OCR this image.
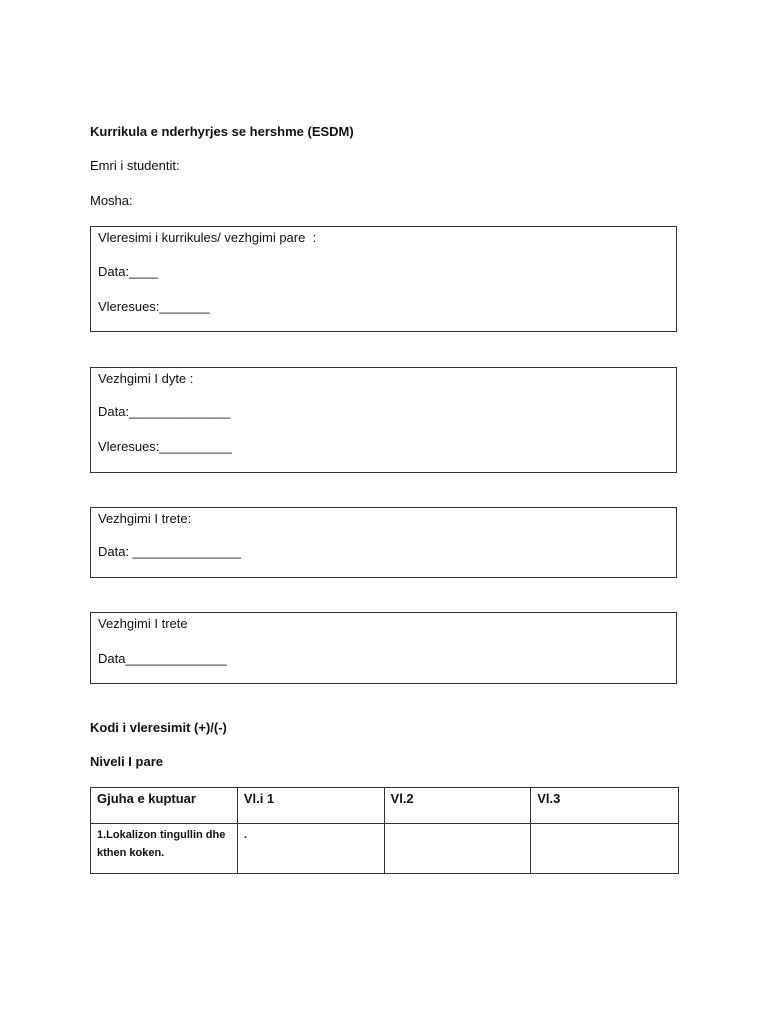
Kurrikula e nderhyrjes se hershme (ESDM)
Emri i studentit:
Mosha:
Vleresimi i kurrikules/ vezhgimi pare  :
Data:____
Vleresues:_______
Vezhgimi I dyte :
Data:______________
Vleresues:__________
Vezhgimi I trete:
Data: _______________
Vezhgimi I trete
Data______________
Kodi i vleresimit (+)/(-)
Niveli I pare
Gjuha e kuptuar	Vl.i 1	Vl.2	Vl.3
1.Lokalizon tingullin dhe kthen koken.	.		
